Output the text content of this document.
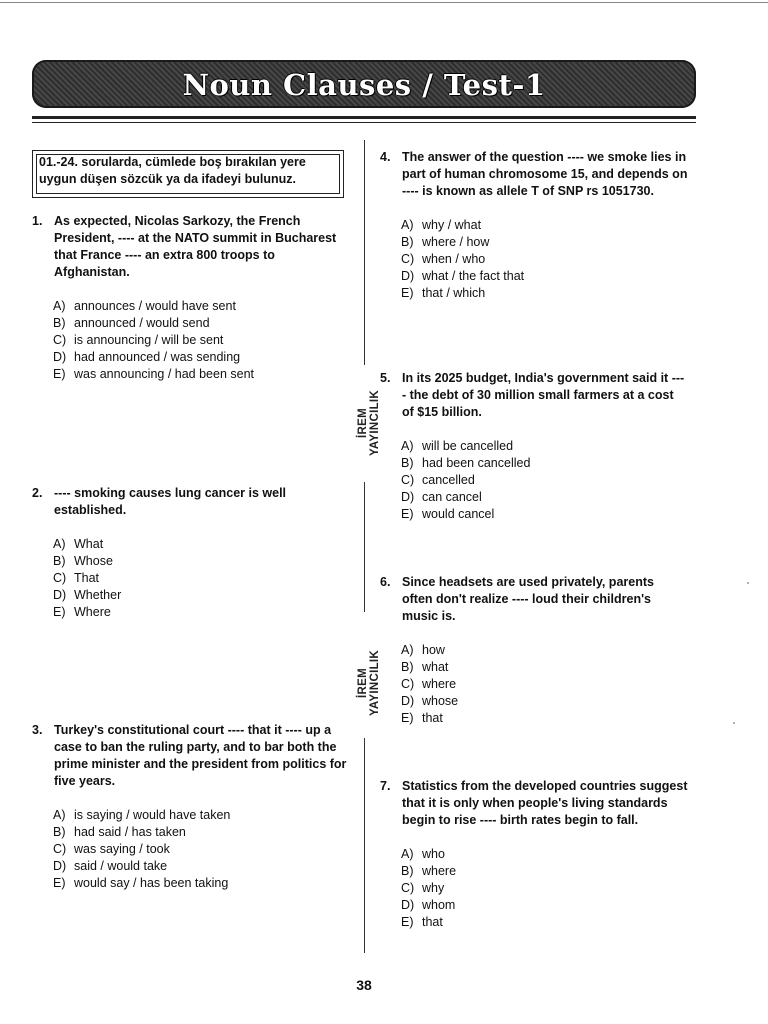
Noun Clauses / Test-1
01.-24. sorularda, cümlede boş bırakılan yere uygun düşen sözcük ya da ifadeyi bulunuz.
İREM YAYINCILIK
İREM YAYINCILIK
1. As expected, Nicolas Sarkozy, the French President, ---- at the NATO summit in Bucharest that France ---- an extra 800 troops to Afghanistan.
A) announces / would have sent
B) announced / would send
C) is announcing / will be sent
D) had announced / was sending
E) was announcing / had been sent
2. ---- smoking causes lung cancer is well established.
A) What
B) Whose
C) That
D) Whether
E) Where
3. Turkey's constitutional court ---- that it ---- up a case to ban the ruling party, and to bar both the prime minister and the president from politics for five years.
A) is saying / would have taken
B) had said / has taken
C) was saying / took
D) said / would take
E) would say / has been taking
4. The answer of the question ---- we smoke lies in part of human chromosome 15, and depends on ---- is known as allele T of SNP rs 1051730.
A) why / what
B) where / how
C) when / who
D) what / the fact that
E) that / which
5. In its 2025 budget, India's government said it ---- the debt of 30 million small farmers at a cost of $15 billion.
A) will be cancelled
B) had been cancelled
C) cancelled
D) can cancel
E) would cancel
6. Since headsets are used privately, parents often don't realize ---- loud their children's music is.
A) how
B) what
C) where
D) whose
E) that
7. Statistics from the developed countries suggest that it is only when people's living standards begin to rise ---- birth rates begin to fall.
A) who
B) where
C) why
D) whom
E) that
38
